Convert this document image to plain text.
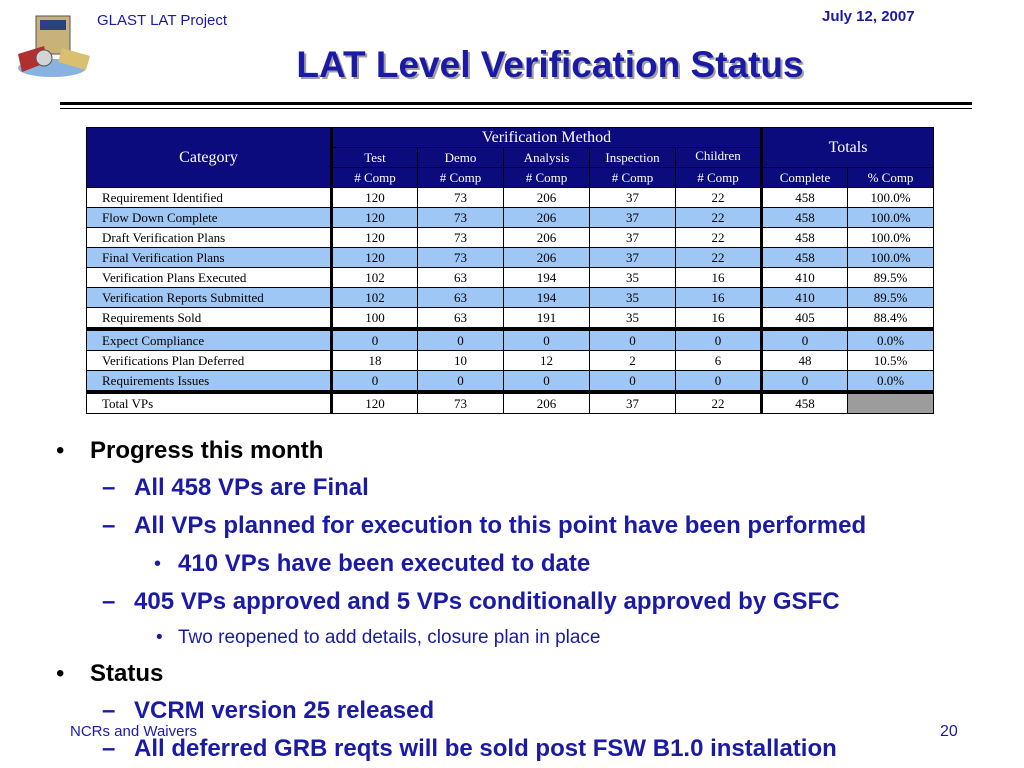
GLAST LAT Project	July 12, 2007
LAT Level Verification Status
Category	Verification Method					Totals	
	Test	Demo	Analysis	Inspection	Children		
	# Comp	# Comp	# Comp	# Comp	# Comp	Complete	% Comp
Requirement Identified	120	73	206	37	22	458	100.0%
Flow Down Complete	120	73	206	37	22	458	100.0%
Draft Verification Plans	120	73	206	37	22	458	100.0%
Final Verification Plans	120	73	206	37	22	458	100.0%
Verification Plans Executed	102	63	194	35	16	410	89.5%
Verification Reports Submitted	102	63	194	35	16	410	89.5%
Requirements Sold	100	63	191	35	16	405	88.4%
Expect Compliance	0	0	0	0	0	0	0.0%
Verifications Plan Deferred	18	10	12	2	6	48	10.5%
Requirements Issues	0	0	0	0	0	0	0.0%
Total VPs	120	73	206	37	22	458	
• Progress this month
– All 458 VPs are Final
– All VPs planned for execution to this point have been performed
• 410 VPs have been executed to date
– 405 VPs approved and 5 VPs conditionally approved by GSFC
• Two reopened to add details, closure plan in place
• Status
– VCRM version 25 released
– All deferred GRB reqts will be sold post FSW B1.0 installation
NCRs and Waivers	20
